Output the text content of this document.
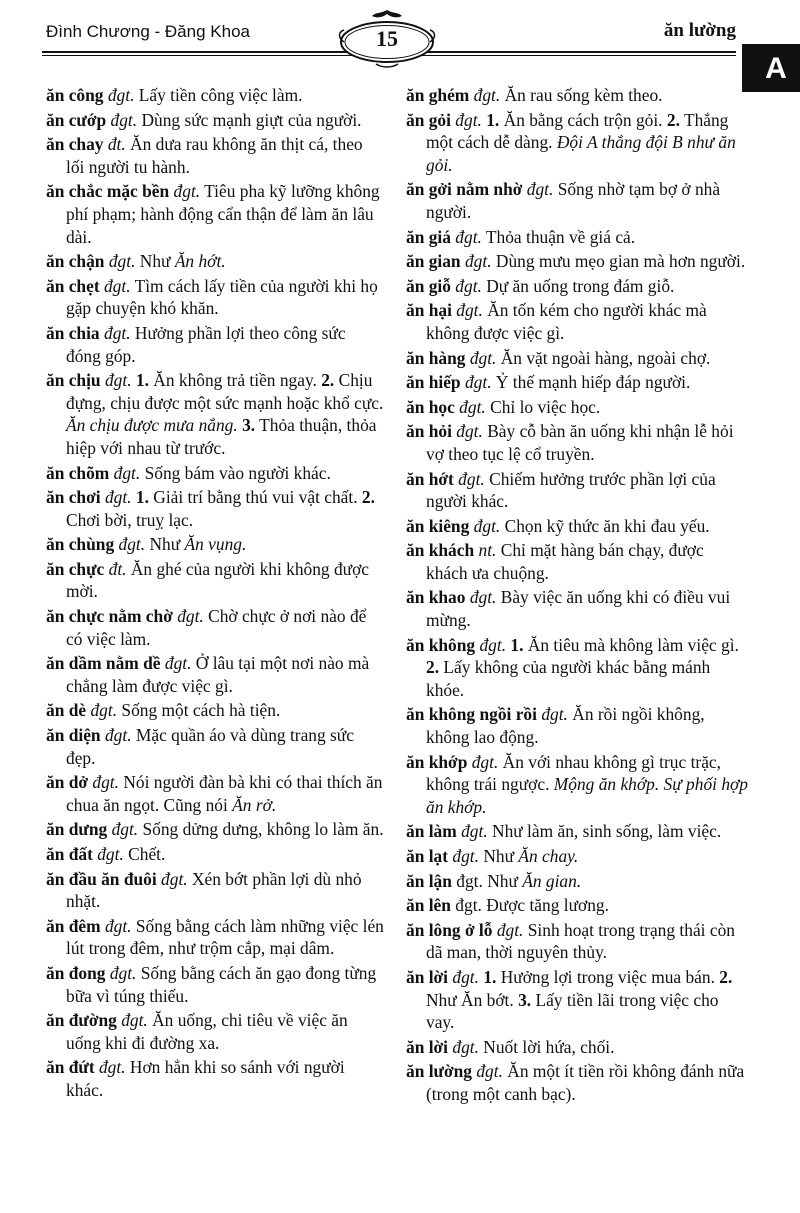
Đình Chương - Đăng Khoa	15	ăn lường
A

ăn công đgt. Lấy tiền công việc làm.

ăn cướp đgt. Dùng sức mạnh giựt của người.

ăn chay đt. Ăn dưa rau không ăn thịt cá, theo lối người tu hành.

ăn chắc mặc bền đgt. Tiêu pha kỹ lưỡng không phí phạm; hành động cẩn thận để làm ăn lâu dài.

ăn chận đgt. Như Ăn hớt.

ăn chẹt đgt. Tìm cách lấy tiền của người khi họ gặp chuyện khó khăn.

ăn chia đgt. Hưởng phần lợi theo công sức đóng góp.

ăn chịu đgt. 1. Ăn không trả tiền ngay. 2. Chịu đựng, chịu được một sức mạnh hoặc khổ cực. Ăn chịu được mưa nắng. 3. Thỏa thuận, thỏa hiệp với nhau từ trước.

ăn chõm đgt. Sống bám vào người khác.

ăn chơi đgt. 1. Giải trí bằng thú vui vật chất. 2. Chơi bời, truỵ lạc.

ăn chùng đgt. Như Ăn vụng.

ăn chực đt. Ăn ghé của người khi không được mời.

ăn chực nằm chờ đgt. Chờ chực ở nơi nào để có việc làm.

ăn dầm nằm dề đgt. Ở lâu tại một nơi nào mà chẳng làm được việc gì.

ăn dè đgt. Sống một cách hà tiện.

ăn diện đgt. Mặc quần áo và dùng trang sức đẹp.

ăn dở đgt. Nói người đàn bà khi có thai thích ăn chua ăn ngọt. Cũng nói Ăn rở.

ăn dưng đgt. Sống dửng dưng, không lo làm ăn.

ăn đất đgt. Chết.

ăn đầu ăn đuôi đgt. Xén bớt phần lợi dù nhỏ nhặt.

ăn đêm đgt. Sống bằng cách làm những việc lén lút trong đêm, như trộm cắp, mại dâm.

ăn đong đgt. Sống bằng cách ăn gạo đong từng bữa vì túng thiếu.

ăn đường đgt. Ăn uống, chi tiêu về việc ăn uống khi đi đường xa.

ăn đứt đgt. Hơn hẳn khi so sánh với người khác.

ăn ghém đgt. Ăn rau sống kèm theo.

ăn gỏi đgt. 1. Ăn bằng cách trộn gỏi. 2. Thắng một cách dễ dàng. Đội A thắng đội B như ăn gỏi.

ăn gởi nằm nhờ đgt. Sống nhờ tạm bợ ở nhà người.

ăn giá đgt. Thỏa thuận về giá cả.

ăn gian đgt. Dùng mưu mẹo gian mà hơn người.

ăn giỗ đgt. Dự ăn uống trong đám giỗ.

ăn hại đgt. Ăn tốn kém cho người khác mà không được việc gì.

ăn hàng đgt. Ăn vặt ngoài hàng, ngoài chợ.

ăn hiếp đgt. Ỷ thế mạnh hiếp đáp người.

ăn học đgt. Chỉ lo việc học.

ăn hỏi đgt. Bày cỗ bàn ăn uống khi nhận lễ hỏi vợ theo tục lệ cổ truyền.

ăn hớt đgt. Chiếm hưởng trước phần lợi của người khác.

ăn kiêng đgt. Chọn kỹ thức ăn khi đau yếu.

ăn khách nt. Chỉ mặt hàng bán chạy, được khách ưa chuộng.

ăn khao đgt. Bày việc ăn uống khi có điều vui mừng.

ăn không đgt. 1. Ăn tiêu mà không làm việc gì. 2. Lấy không của người khác bằng mánh khóe.

ăn không ngồi rồi đgt. Ăn rồi ngồi không, không lao động.

ăn khớp đgt. Ăn với nhau không gì trục trặc, không trái ngược. Mộng ăn khớp. Sự phối hợp ăn khớp.

ăn làm đgt. Như làm ăn, sinh sống, làm việc.

ăn lạt đgt. Như Ăn chay.

ăn lận đgt. Như Ăn gian.

ăn lên đgt. Được tăng lương.

ăn lông ở lỗ đgt. Sinh hoạt trong trạng thái còn dã man, thời nguyên thủy.

ăn lời đgt. 1. Hưởng lợi trong việc mua bán. 2. Như Ăn bớt. 3. Lấy tiền lãi trong việc cho vay.

ăn lời đgt. Nuốt lời hứa, chối.

ăn lường đgt. Ăn một ít tiền rồi không đánh nữa (trong một canh bạc).
